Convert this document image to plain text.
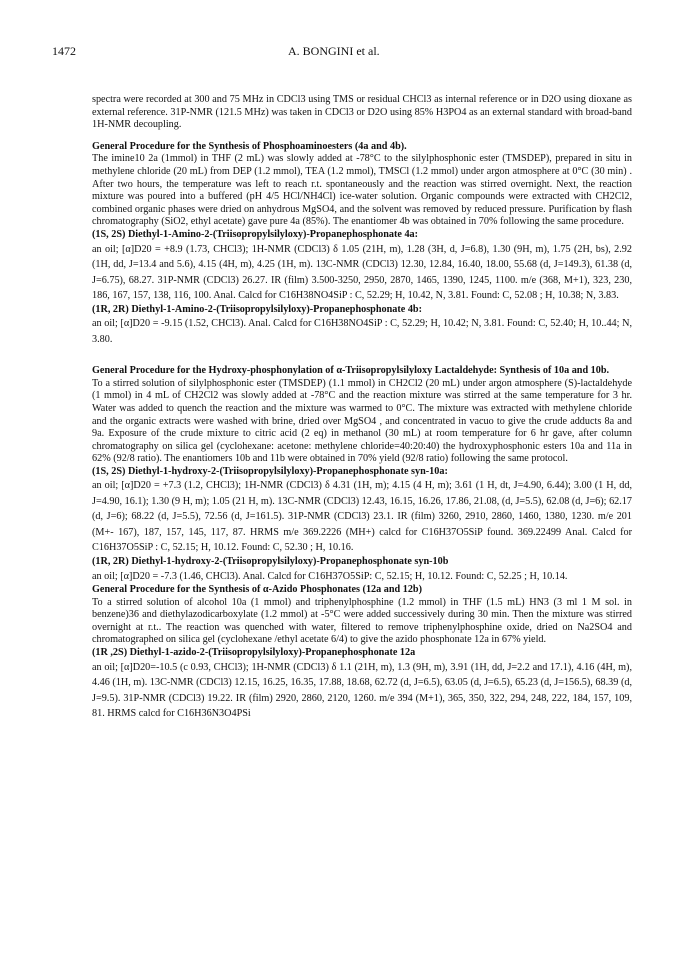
1472	A. BONGINI et al.

spectra were recorded at 300 and 75 MHz in CDCl3 using TMS or residual CHCl3 as internal reference or in D2O using dioxane as external reference. 31P-NMR (121.5 MHz) was taken in CDCl3 or D2O using 85% H3PO4 as an external standard with broad-band 1H-NMR decoupling.

General Procedure for the Synthesis of Phosphoaminoesters (4a and 4b).

The imine10 2a (1mmol) in THF (2 mL) was slowly added at -78°C to the silylphosphonic ester (TMSDEP), prepared in situ in methylene chloride (20 mL) from DEP (1.2 mmol), TEA (1.2 mmol), TMSCl (1.2 mmol) under argon atmosphere at 0°C (30 min) . After two hours, the temperature was left to reach r.t. spontaneously and the reaction was stirred overnight. Next, the reaction mixture was poured into a buffered (pH 4/5 HCl/NH4Cl) ice-water solution. Organic compounds were extracted with CH2Cl2, combined organic phases were dried on anhydrous MgSO4, and the solvent was removed by reduced pressure. Purification by flash chromatography (SiO2, ethyl acetate) gave pure 4a (85%). The enantiomer 4b was obtained in 70% following the same procedure.

(1S, 2S) Diethyl-1-Amino-2-(Triisopropylsilyloxy)-Propanephosphonate 4a:

an oil; [α]D20 = +8.9 (1.73, CHCl3); 1H-NMR (CDCl3) δ 1.05 (21H, m), 1.28 (3H, d, J=6.8), 1.30 (9H, m), 1.75 (2H, bs), 2.92 (1H, dd, J=13.4 and 5.6), 4.15 (4H, m), 4.25 (1H, m). 13C-NMR (CDCl3) 12.30, 12.84, 16.40, 18.00, 55.68 (d, J=149.3), 61.38 (d, J=6.75), 68.27. 31P-NMR (CDCl3) 26.27. IR (film) 3.500-3250, 2950, 2870, 1465, 1390, 1245, 1100. m/e (368, M+1), 323, 230, 186, 167, 157, 138, 116, 100. Anal. Calcd for C16H38NO4SiP : C, 52.29; H, 10.42, N, 3.81. Found: C, 52.08 ; H, 10.38; N, 3.83.

(1R, 2R) Diethyl-1-Amino-2-(Triisopropylsilyloxy)-Propanephosphonate 4b:

an oil; [α]D20 = -9.15 (1.52, CHCl3). Anal. Calcd for C16H38NO4SiP : C, 52.29; H, 10.42; N, 3.81. Found: C, 52.40; H, 10..44; N, 3.80.

General Procedure for the Hydroxy-phosphonylation of α-Triisopropylsilyloxy Lactaldehyde: Synthesis of 10a and 10b.

To a stirred solution of silylphosphonic ester (TMSDEP) (1.1 mmol) in CH2Cl2 (20 mL) under argon atmosphere (S)-lactaldehyde (1 mmol) in 4 mL of CH2Cl2 was slowly added at -78°C and the reaction mixture was stirred at the same temperature for 3 hr. Water was added to quench the reaction and the mixture was warmed to 0°C. The mixture was extracted with methylene chloride and the organic extracts were washed with brine, dried over MgSO4 , and concentrated in vacuo to give the crude adducts 8a and 9a. Exposure of the crude mixture to citric acid (2 eq) in methanol (30 mL) at room temperature for 6 hr gave, after column chromatography on silica gel (cyclohexane: acetone: methylene chloride=40:20:40) the hydroxyphosphonic esters 10a and 11a in 62% (92/8 ratio). The enantiomers 10b and 11b were obtained in 70% yield (92/8 ratio) following the same protocol.

(1S, 2S) Diethyl-1-hydroxy-2-(Triisopropylsilyloxy)-Propanephosphonate syn-10a:

an oil; [α]D20 = +7.3 (1.2, CHCl3); 1H-NMR (CDCl3) δ 4.31 (1H, m); 4.15 (4 H, m); 3.61 (1 H, dt, J=4.90, 6.44); 3.00 (1 H, dd, J=4.90, 16.1); 1.30 (9 H, m); 1.05 (21 H, m). 13C-NMR (CDCl3) 12.43, 16.15, 16.26, 17.86, 21.08, (d, J=5.5), 62.08 (d, J=6); 62.17 (d, J=6); 68.22 (d, J=5.5), 72.56 (d, J=161.5). 31P-NMR (CDCl3) 23.1. IR (film) 3260, 2910, 2860, 1460, 1380, 1230. m/e 201 (M+- 167), 187, 157, 145, 117, 87. HRMS m/e 369.2226 (MH+) calcd for C16H37O5SiP found. 369.22499 Anal. Calcd for C16H37O5SiP : C, 52.15; H, 10.12. Found: C, 52.30 ; H, 10.16.

(1R, 2R) Diethyl-1-hydroxy-2-(Triisopropylsilyloxy)-Propanephosphonate syn-10b

an oil; [α]D20 = -7.3 (1.46, CHCl3). Anal. Calcd for C16H37O5SiP: C, 52.15; H, 10.12. Found: C, 52.25 ; H, 10.14.

General Procedure for the Synthesis of α-Azido Phosphonates (12a and 12b)

To a stirred solution of alcohol 10a (1 mmol) and triphenylphosphine (1.2 mmol) in THF (1.5 mL) HN3 (3 ml 1 M sol. in benzene)36 and diethylazodicarboxylate (1.2 mmol) at -5°C were added successively during 30 min. Then the mixture was stirred overnight at r.t.. The reaction was quenched with water, filtered to remove triphenylphosphine oxide, dried on Na2SO4 and chromatographed on silica gel (cyclohexane /ethyl acetate 6/4) to give the azido phosphonate 12a in 67% yield.

(1R ,2S) Diethyl-1-azido-2-(Triisopropylsilyloxy)-Propanephosphonate 12a

an oil; [α]D20=-10.5 (c 0.93, CHCl3); 1H-NMR (CDCl3) δ 1.1 (21H, m), 1.3 (9H, m), 3.91 (1H, dd, J=2.2 and 17.1), 4.16 (4H, m), 4.46 (1H, m). 13C-NMR (CDCl3) 12.15, 16.25, 16.35, 17.88, 18.68, 62.72 (d, J=6.5), 63.05 (d, J=6.5), 65.23 (d, J=156.5), 68.39 (d, J=9.5). 31P-NMR (CDCl3) 19.22. IR (film) 2920, 2860, 2120, 1260. m/e 394 (M+1), 365, 350, 322, 294, 248, 222, 184, 157, 109, 81. HRMS calcd for C16H36N3O4PSi
